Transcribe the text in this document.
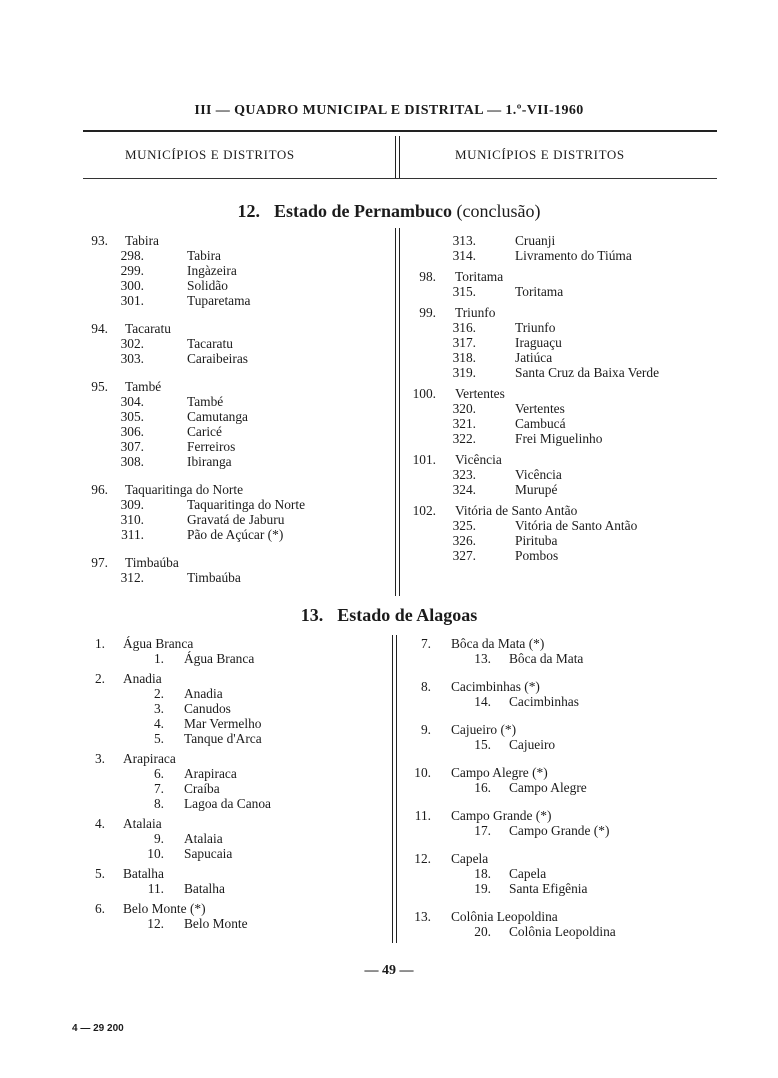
III — QUADRO MUNICIPAL E DISTRITAL — 1.º-VII-1960
MUNICÍPIOS E DISTRITOS	MUNICÍPIOS E DISTRITOS
12. Estado de Pernambuco (conclusão)
93. Tabira
298.	Tabira
299.	Ingàzeira
300.	Solidão
301.	Tuparetama
94. Tacaratu
302.	Tacaratu
303.	Caraibeiras
95. També
304.	També
305.	Camutanga
306.	Caricé
307.	Ferreiros
308.	Ibiranga
96. Taquaritinga do Norte
309.	Taquaritinga do Norte
310.	Gravatá de Jaburu
311.	Pão de Açúcar (*)
97. Timbaúba
312.	Timbaúba
313.	Cruanji
314.	Livramento do Tiúma
98. Toritama
315.	Toritama
99. Triunfo
316.	Triunfo
317.	Iraguaçu
318.	Jatiúca
319.	Santa Cruz da Baixa Verde
100. Vertentes
320.	Vertentes
321.	Cambucá
322.	Frei Miguelinho
101. Vicência
323.	Vicência
324.	Murupé
102. Vitória de Santo Antão
325.	Vitória de Santo Antão
326.	Pirituba
327.	Pombos
13. Estado de Alagoas
1. Água Branca
1. Água Branca
2. Anadia
2. Anadia
3. Canudos
4. Mar Vermelho
5. Tanque d'Arca
3. Arapiraca
6. Arapiraca
7. Craíba
8. Lagoa da Canoa
4. Atalaia
9. Atalaia
10. Sapucaia
5. Batalha
11. Batalha
6. Belo Monte (*)
12. Belo Monte
7. Bôca da Mata (*)
13. Bôca da Mata
8. Cacimbinhas (*)
14. Cacimbinhas
9. Cajueiro (*)
15. Cajueiro
10. Campo Alegre (*)
16. Campo Alegre
11. Campo Grande (*)
17. Campo Grande (*)
12. Capela
18. Capela
19. Santa Efigênia
13. Colônia Leopoldina
20. Colônia Leopoldina
— 49 —
4 — 29 200
